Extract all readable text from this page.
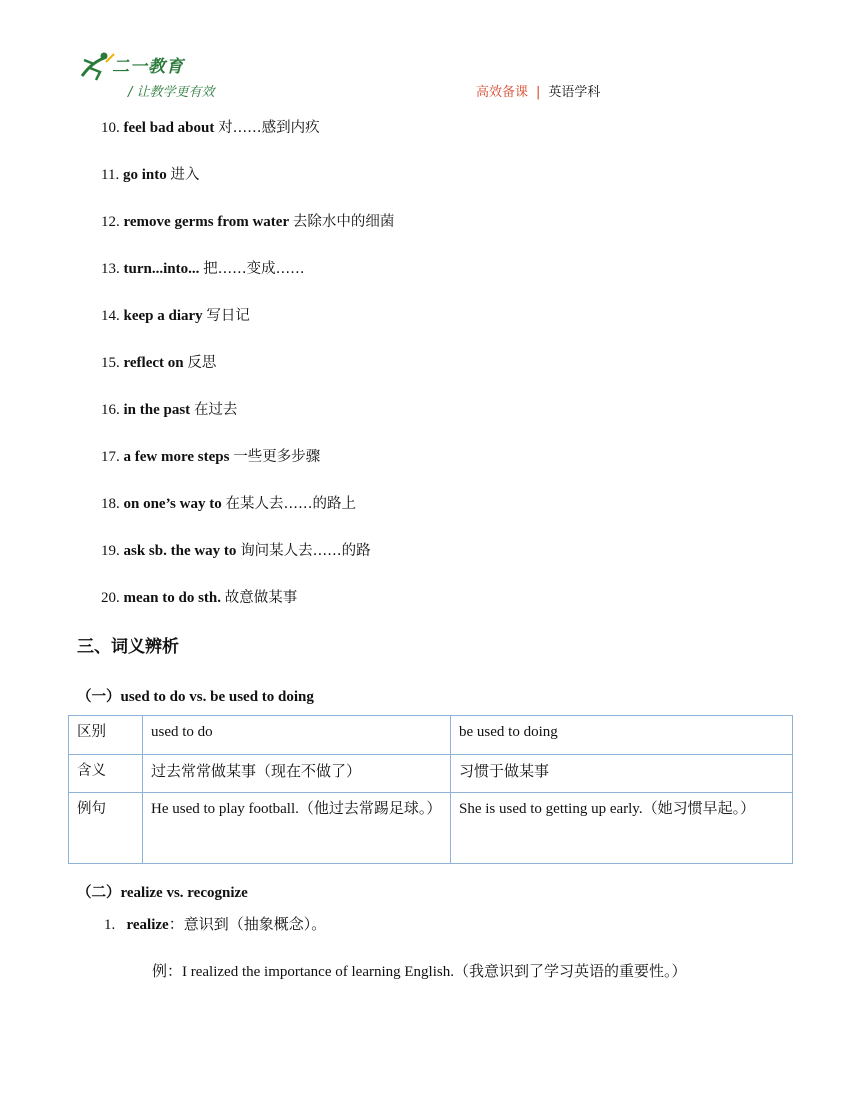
二一教育
/ 让教学更有效	高效备课 | 英语学科
10. feel bad about 对……感到内疚
11. go into 进入
12. remove germs from water 去除水中的细菌
13. turn...into... 把……变成……
14. keep a diary 写日记
15. reflect on 反思
16. in the past 在过去
17. a few more steps 一些更多步骤
18. on one’s way to 在某人去……的路上
19. ask sb. the way to 询问某人去……的路
20. mean to do sth. 故意做某事
三、词义辨析
（一）used to do vs. be used to doing
区别	used to do	be used to doing
含义	过去常常做某事（现在不做了）	习惯于做某事
例句	He used to play football.（他过去常踢足球。）	She is used to getting up early.（她习惯早起。）
（二）realize vs. recognize
1. realize：意识到（抽象概念）。
例：I realized the importance of learning English.（我意识到了学习英语的重要性。）
